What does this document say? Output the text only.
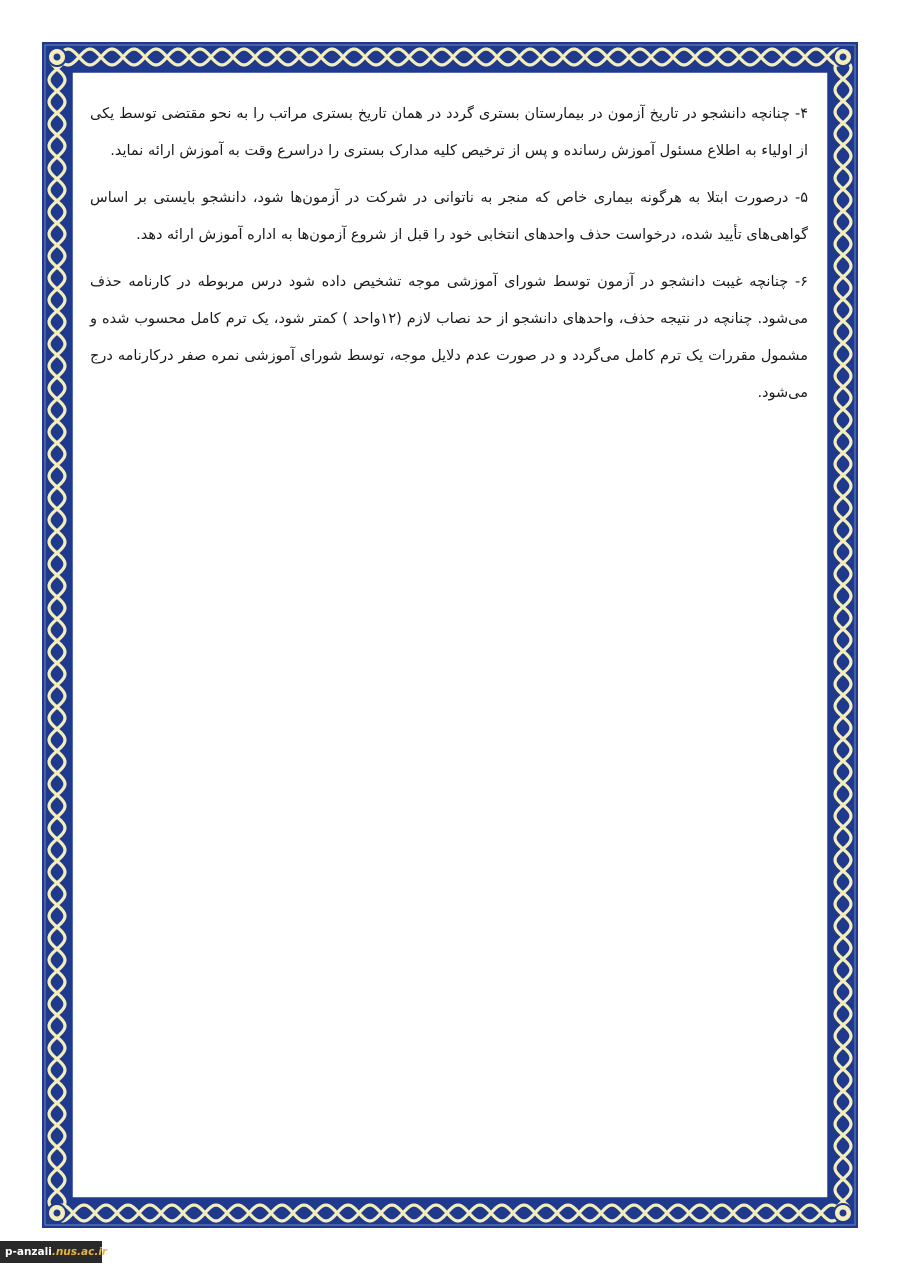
۴- چنانچه دانشجو در تاریخ آزمون در بیمارستان بستری گردد در همان تاریخ بستری مراتب را به نحو مقتضی توسط یکی از اولیاء به اطلاع مسئول آموزش رسانده و پس از ترخیص کلیه مدارک بستری را دراسرع وقت به آموزش ارائه نماید.

۵- درصورت ابتلا به هرگونه بیماری خاص که منجر به ناتوانی در شرکت در آزمون‌ها شود، دانشجو بایستی بر اساس گواهی‌های تأیید شده، درخواست حذف واحدهای انتخابی خود را قبل از شروع آزمون‌ها به اداره آموزش ارائه دهد.

۶- چنانچه غیبت دانشجو در آزمون توسط شورای آموزشی موجه تشخیص داده شود درس مربوطه در کارنامه حذف می‌شود. چنانچه در نتیجه حذف، واحدهای دانشجو از حد نصاب لازم (۱۲واحد ) کمتر شود، یک ترم کامل محسوب شده و مشمول مقررات یک ترم کامل می‌گردد و در صورت عدم دلایل موجه، توسط شورای آموزشی نمره صفر درکارنامه درج می‌شود.

p-anzali.nus.ac.ir
